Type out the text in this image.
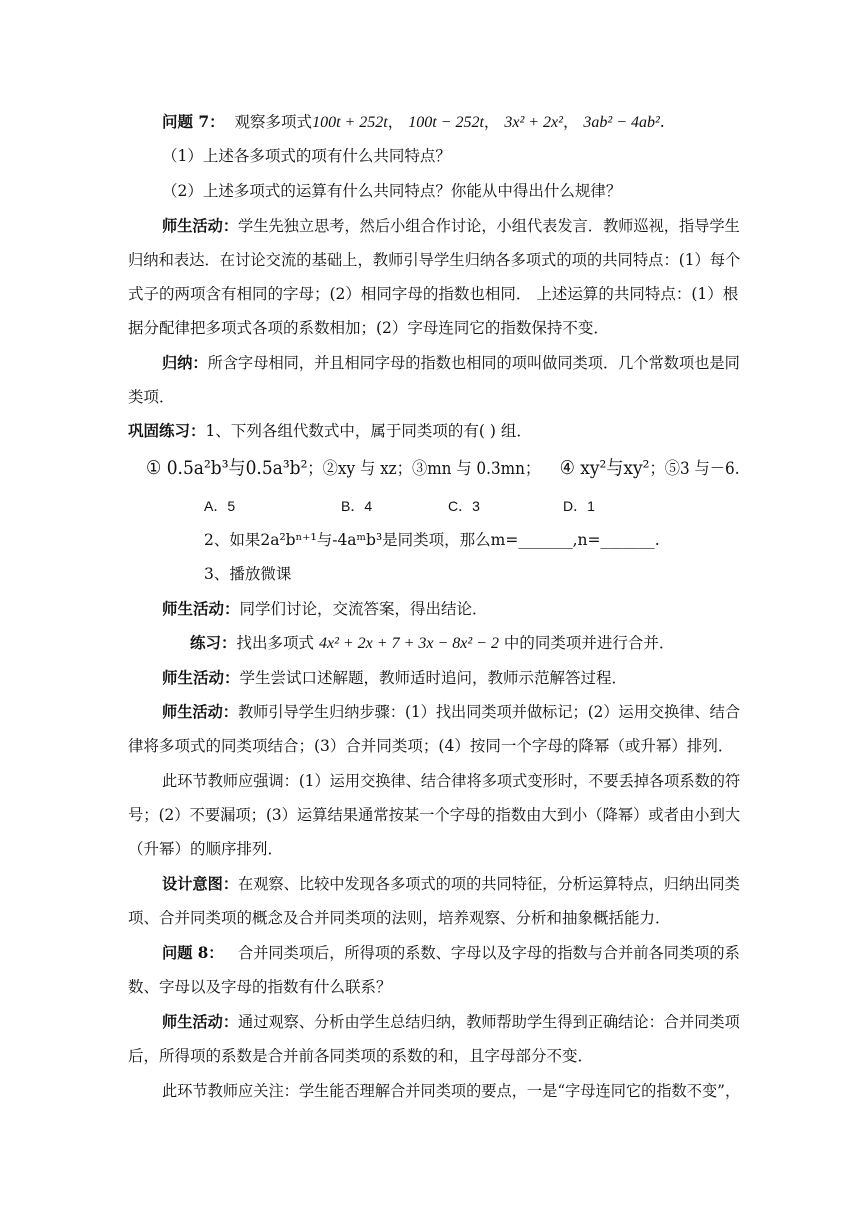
问题 7： 观察多项式100t + 252t， 100t − 252t， 3x² + 2x²， 3ab² − 4ab².
（1）上述各多项式的项有什么共同特点？
（2）上述多项式的运算有什么共同特点？你能从中得出什么规律？
师生活动：学生先独立思考，然后小组合作讨论，小组代表发言．教师巡视，指导学生
归纳和表达．在讨论交流的基础上，教师引导学生归纳各多项式的项的共同特点：(1）每个
式子的两项含有相同的字母；(2）相同字母的指数也相同． 上述运算的共同特点：(1）根
据分配律把多项式各项的系数相加；(2）字母连同它的指数保持不变．
归纳：所含字母相同，并且相同字母的指数也相同的项叫做同类项．几个常数项也是同
类项．
巩固练习：1、下列各组代数式中，属于同类项的有( ) 组．
① 0.5a²b³与0.5a³b²；②xy 与 xz；③mn 与 0.3mn； ④ xy²与xy²；⑤3 与－6.
A．5	B．4	C．3	D．1
2、如果2a²bⁿ⁺¹与-4aᵐb³是同类项，那么m=_______,n=_______.
3、播放微课
师生活动：同学们讨论，交流答案，得出结论．
练习：找出多项式 4x² + 2x + 7 + 3x − 8x² − 2 中的同类项并进行合并．
师生活动：学生尝试口述解题，教师适时追问，教师示范解答过程．
师生活动：教师引导学生归纳步骤：(1）找出同类项并做标记；(2）运用交换律、结合
律将多项式的同类项结合；(3）合并同类项；(4）按同一个字母的降幂（或升幂）排列．
此环节教师应强调：(1）运用交换律、结合律将多项式变形时，不要丢掉各项系数的符
号；(2）不要漏项；(3）运算结果通常按某一个字母的指数由大到小（降幂）或者由小到大
（升幂）的顺序排列．
设计意图：在观察、比较中发现各多项式的项的共同特征，分析运算特点，归纳出同类
项、合并同类项的概念及合并同类项的法则，培养观察、分析和抽象概括能力．
问题 8： 合并同类项后，所得项的系数、字母以及字母的指数与合并前各同类项的系
数、字母以及字母的指数有什么联系？
师生活动：通过观察、分析由学生总结归纳，教师帮助学生得到正确结论：合并同类项
后，所得项的系数是合并前各同类项的系数的和，且字母部分不变．
此环节教师应关注：学生能否理解合并同类项的要点，一是“字母连同它的指数不变”，
